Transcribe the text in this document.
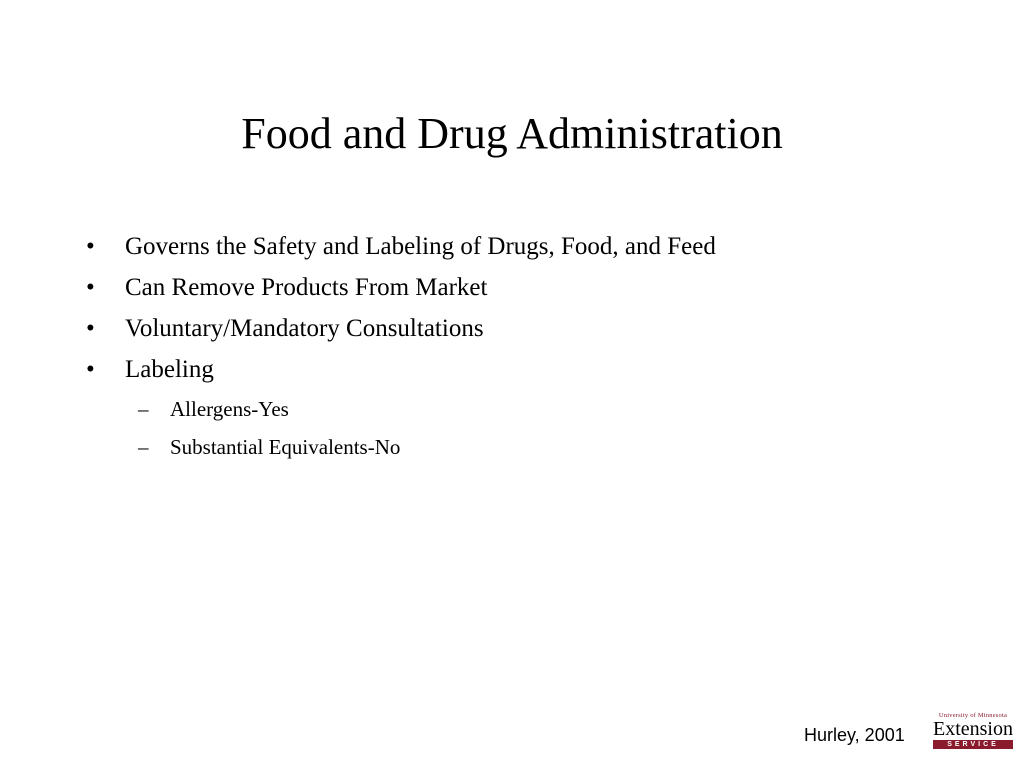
Food and Drug Administration
• Governs the Safety and Labeling of Drugs, Food, and Feed
• Can Remove Products From Market
• Voluntary/Mandatory Consultations
• Labeling
– Allergens-Yes
– Substantial Equivalents-No
Hurley, 2001
University of Minnesota
Extension
SERVICE
